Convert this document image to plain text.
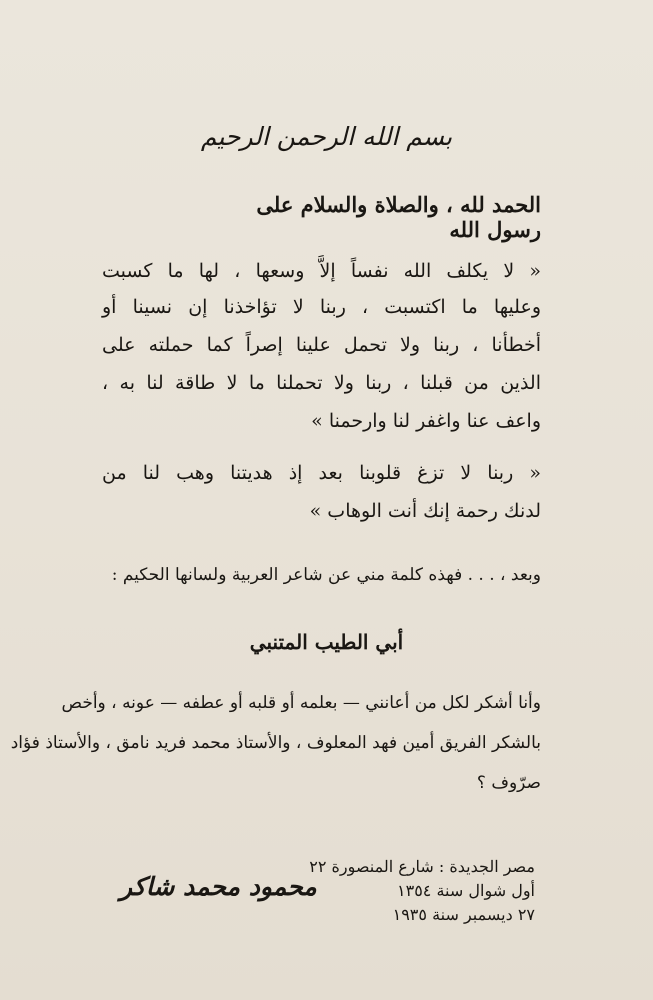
بسم الله الرحمن الرحيم
الحمد لله ، والصلاة والسلام على رسول الله
« لا يكلف الله نفساً إلاَّ وسعها ، لها ما كسبت
وعليها ما اكتسبت ، ربنا لا تؤاخذنا إن نسينا أو
أخطأنا ، ربنا ولا تحمل علينا إصراً كما حملته على
الذين من قبلنا ، ربنا ولا تحملنا ما لا طاقة لنا به ،
واعف عنا واغفر لنا وارحمنا »
« ربنا لا تزغ قلوبنا بعد إذ هديتنا وهب لنا من
لدنك رحمة إنك أنت الوهاب »
وبعد ، . . . فهذه كلمة مني عن شاعر العربية ولسانها الحكيم :
أبي الطيب المتنبي
وأنا أشكر لكل من أعانني — بعلمه أو قلبه أو عطفه — عونه ، وأخص
بالشكر الفريق أمين فهد المعلوف ، والأستاذ محمد فريد نامق ، والأستاذ فؤاد
صرّوف ؟
مصر الجديدة : شارع المنصورة ٢٢
أول شوال سنة ١٣٥٤
٢٧ ديسمبر سنة ١٩٣٥
محمود محمد شاكر
